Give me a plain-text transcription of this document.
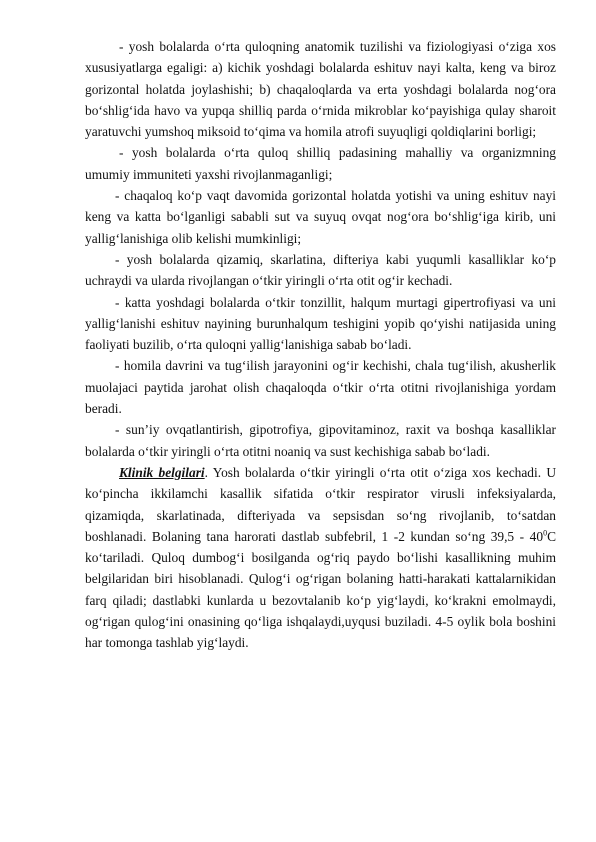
- yosh bolalarda o‘rta quloqning anatomik tuzilishi va fiziologiyasi o‘ziga xos xususiyatlarga egaligi: a) kichik yoshdagi bolalarda eshituv nayi kalta, keng va biroz gorizontal holatda joylashishi; b) chaqaloqlarda va erta yoshdagi bolalarda nog‘ora bo‘shlig‘ida havo va yupqa shilliq parda o‘rnida mikroblar ko‘payishiga qulay sharoit yaratuvchi yumshoq miksoid to‘qima va homila atrofi suyuqligi qoldiqlarini borligi;

- yosh bolalarda o‘rta quloq shilliq padasining mahalliy va organizmning umumiy immuniteti yaxshi rivojlanmaganligi;

- chaqaloq ko‘p vaqt davomida gorizontal holatda yotishi va uning eshituv nayi keng va katta bo‘lganligi sababli sut va suyuq ovqat nog‘ora bo‘shlig‘iga kirib, uni yallig‘lanishiga olib kelishi mumkinligi;

- yosh bolalarda qizamiq, skarlatina, difteriya kabi yuqumli kasalliklar ko‘p uchraydi va ularda rivojlangan o‘tkir yiringli o‘rta otit og‘ir kechadi.

- katta yoshdagi bolalarda o‘tkir tonzillit, halqum murtagi gipertrofiyasi va uni yallig‘lanishi eshituv nayining burunhalqum teshigini yopib qo‘yishi natijasida uning faoliyati buzilib, o‘rta quloqni yallig‘lanishiga sabab bo‘ladi.

- homila davrini va tug‘ilish jarayonini og‘ir kechishi, chala tug‘ilish, akusherlik muolajaci paytida jarohat olish chaqaloqda o‘tkir o‘rta otitni rivojlanishiga yordam beradi.

- sun’iy ovqatlantirish, gipotrofiya, gipovitaminoz, raxit va boshqa kasalliklar bolalarda o‘tkir yiringli o‘rta otitni noaniq va sust kechishiga sabab bo‘ladi.

Klinik belgilari. Yosh bolalarda o‘tkir yiringli o‘rta otit o‘ziga xos kechadi. U ko‘pincha ikkilamchi kasallik sifatida o‘tkir respirator virusli infeksiyalarda, qizamiqda, skarlatinada, difteriyada va sepsisdan so‘ng rivojlanib, to‘satdan boshlanadi. Bolaning tana harorati dastlab subfebril, 1 -2 kundan so‘ng $39,5 - 40^0C$ ko‘tariladi. Quloq dumbog‘i bosilganda og‘riq paydo bo‘lishi kasallikning muhim belgilaridan biri hisoblanadi. Qulog‘i og‘rigan bolaning hatti-harakati kattalarnikidan farq qiladi; dastlabki kunlarda u bezovtalanib ko‘p yig‘laydi, ko‘krakni emolmaydi, og‘rigan qulog‘ini onasining qo‘liga ishqalaydi,uyqusi buziladi. 4-5 oylik bola boshini har tomonga tashlab yig‘laydi.
